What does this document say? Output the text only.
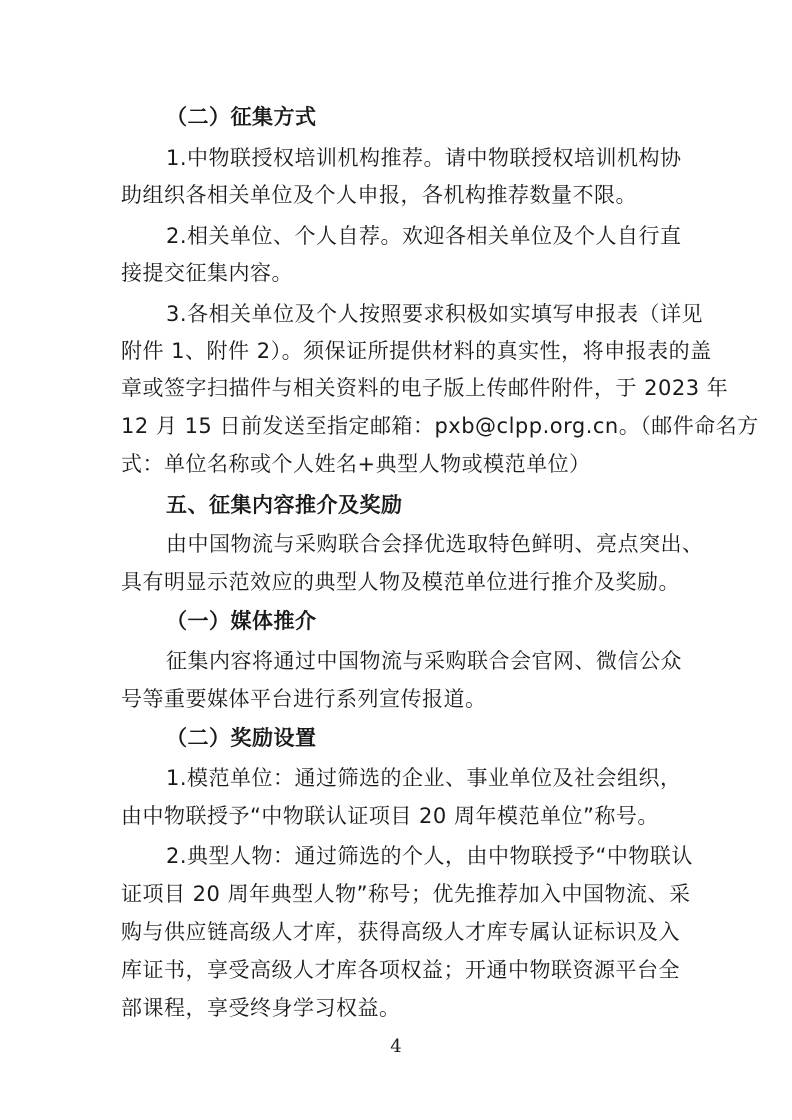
（二）征集方式
1.中物联授权培训机构推荐。请中物联授权培训机构协
助组织各相关单位及个人申报，各机构推荐数量不限。
2.相关单位、个人自荐。欢迎各相关单位及个人自行直
接提交征集内容。
3.各相关单位及个人按照要求积极如实填写申报表（详见
附件 1、附件 2）。须保证所提供材料的真实性，将申报表的盖
章或签字扫描件与相关资料的电子版上传邮件附件，于 2023 年
12 月 15 日前发送至指定邮箱：pxb@clpp.org.cn。（邮件命名方
式：单位名称或个人姓名+典型人物或模范单位）
五、征集内容推介及奖励
由中国物流与采购联合会择优选取特色鲜明、亮点突出、
具有明显示范效应的典型人物及模范单位进行推介及奖励。
（一）媒体推介
征集内容将通过中国物流与采购联合会官网、微信公众
号等重要媒体平台进行系列宣传报道。
（二）奖励设置
1.模范单位：通过筛选的企业、事业单位及社会组织，
由中物联授予“中物联认证项目 20 周年模范单位”称号。
2.典型人物：通过筛选的个人，由中物联授予“中物联认
证项目 20 周年典型人物”称号；优先推荐加入中国物流、采
购与供应链高级人才库，获得高级人才库专属认证标识及入
库证书，享受高级人才库各项权益；开通中物联资源平台全
部课程，享受终身学习权益。
4
